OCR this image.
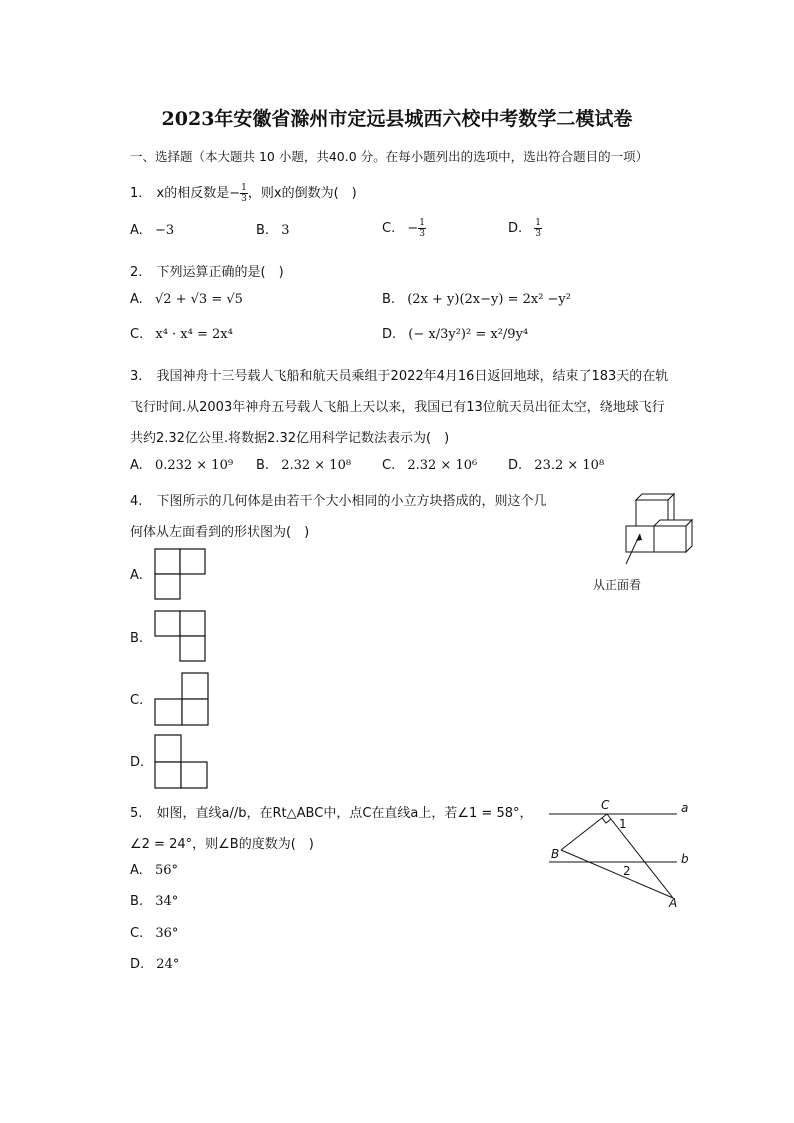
2023年安徽省滁州市定远县城西六校中考数学二模试卷
一、选择题（本大题共 10 小题，共40.0 分。在每小题列出的选项中，选出符合题目的一项）
1. x的相反数是− $\frac{1}{3}$ ，则x的倒数为(　)
A. −3	B. 3	C. − $\frac{1}{3}$	D. $\frac{1}{3}$
2. 下列运算正确的是(　)
A. √2 + √3 = √5	B. (2x + y)(2x−y) = 2x² −y²
C. x⁴ · x⁴ = 2x⁴	D. (− x/3y²)² = x²/9y⁴
3. 我国神舟十三号载人飞船和航天员乘组于2022年4月16日返回地球，结束了183天的在轨
飞行时间.从2003年神舟五号载人飞船上天以来，我国已有13位航天员出征太空，绕地球飞行
共约2.32亿公里.将数据2.32亿用科学记数法表示为(　)
A. 0.232 × 10⁹ B. 2.32 × 10⁸ C. 2.32 × 10⁶ D. 23.2 × 10⁸
4. 下图所示的几何体是由若干个大小相同的小立方块搭成的，则这个几
何体从左面看到的形状图为(　)
从正面看
A.
B.
C.
D.
5. 如图，直线a//b，在Rt△ABC中，点C在直线a上，若∠1 = 58°，
∠2 = 24°，则∠B的度数为(　)
C	a
b
B
A
1
2
A. 56°
B. 34°
C. 36°
D. 24°
